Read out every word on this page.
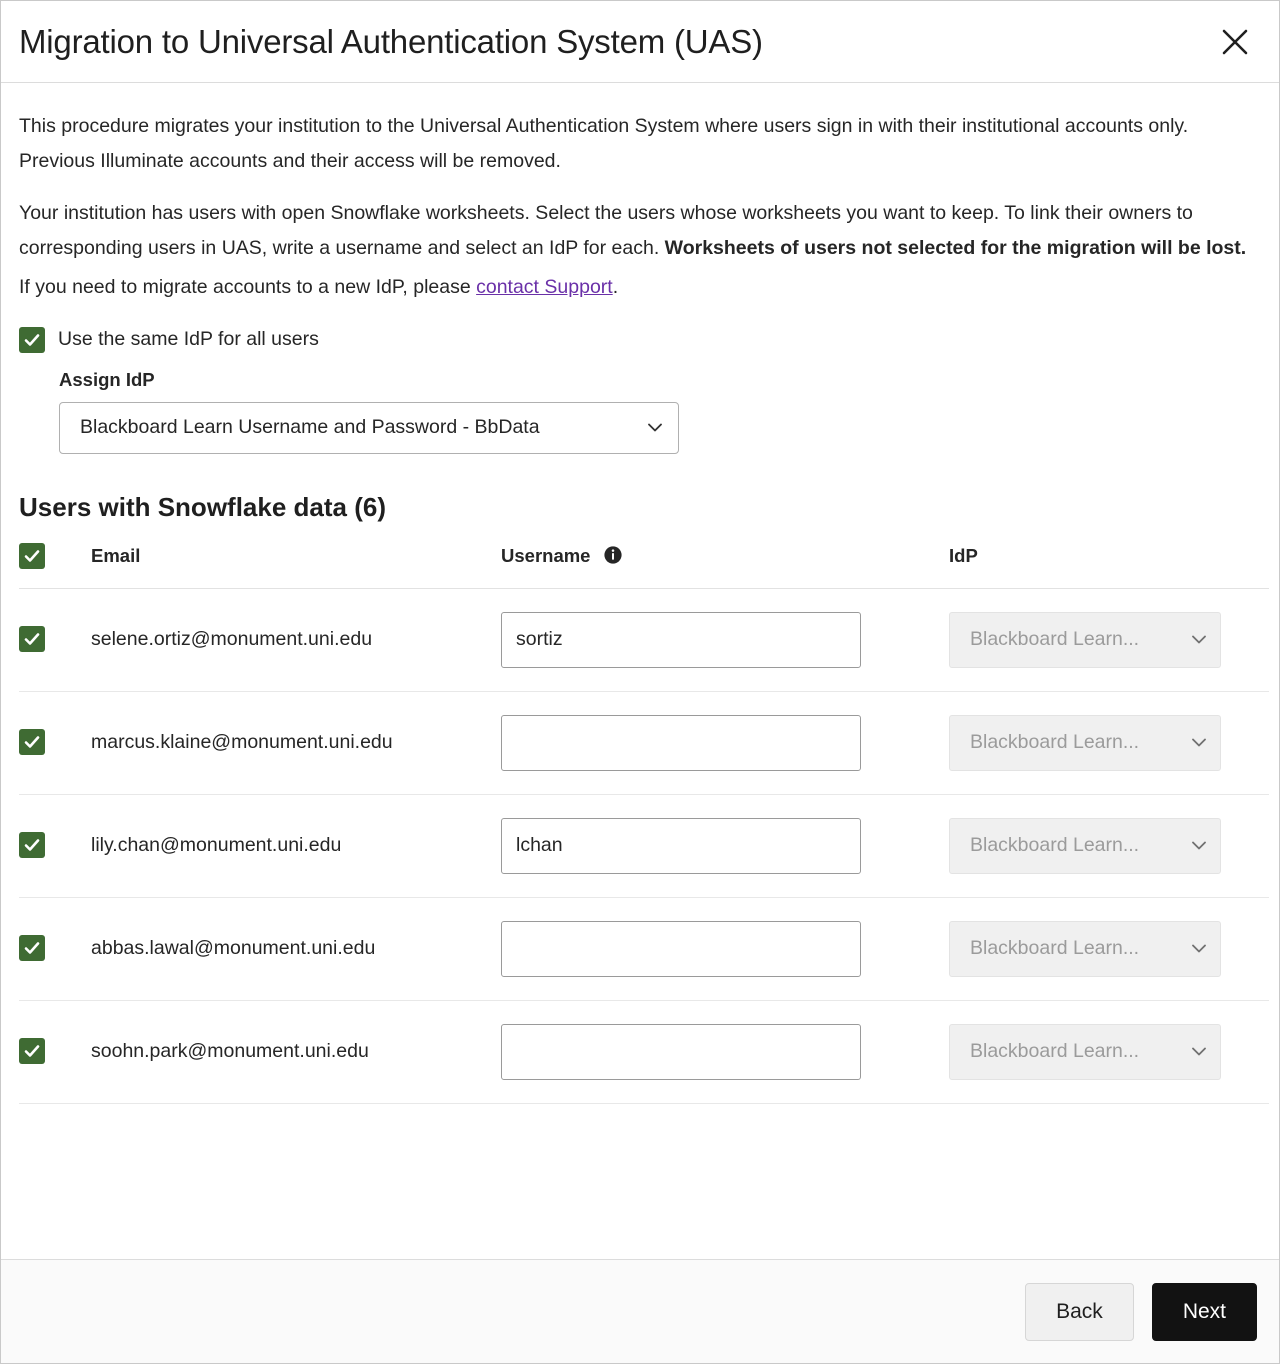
Migration to Universal Authentication System (UAS)

This procedure migrates your institution to the Universal Authentication System where users sign in with their institutional accounts only. Previous Illuminate accounts and their access will be removed.

Your institution has users with open Snowflake worksheets. Select the users whose worksheets you want to keep. To link their owners to corresponding users in UAS, write a username and select an IdP for each. Worksheets of users not selected for the migration will be lost.

If you need to migrate accounts to a new IdP, please contact Support.

Use the same IdP for all users
Assign IdP
Blackboard Learn Username and Password - BbData
Users with Snowflake data (6)
	Email	Username	IdP

	selene.ortiz@monument.uni.edu	sortiz	Blackboard Learn...

	marcus.klaine@monument.uni.edu		Blackboard Learn...

	lily.chan@monument.uni.edu	lchan	Blackboard Learn...

	abbas.lawal@monument.uni.edu		Blackboard Learn...

	soohn.park@monument.uni.edu		Blackboard Learn...
Back	Next
